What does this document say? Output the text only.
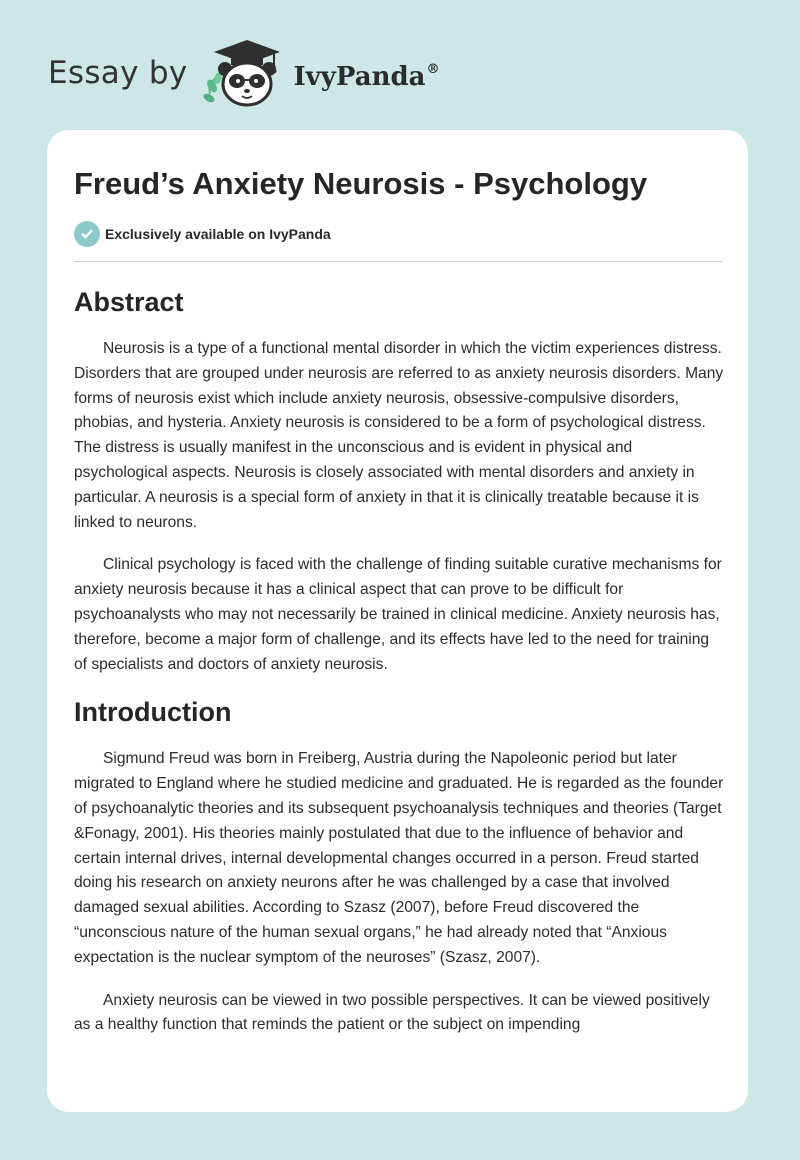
Essay by	IvyPanda®
Freud’s Anxiety Neurosis - Psychology
Exclusively available on IvyPanda
Abstract

Neurosis is a type of a functional mental disorder in which the victim experiences distress. Disorders that are grouped under neurosis are referred to as anxiety neurosis disorders. Many forms of neurosis exist which include anxiety neurosis, obsessive-compulsive disorders, phobias, and hysteria. Anxiety neurosis is considered to be a form of psychological distress. The distress is usually manifest in the unconscious and is evident in physical and psychological aspects. Neurosis is closely associated with mental disorders and anxiety in particular. A neurosis is a special form of anxiety in that it is clinically treatable because it is linked to neurons.

Clinical psychology is faced with the challenge of finding suitable curative mechanisms for anxiety neurosis because it has a clinical aspect that can prove to be difficult for psychoanalysts who may not necessarily be trained in clinical medicine. Anxiety neurosis has, therefore, become a major form of challenge, and its effects have led to the need for training of specialists and doctors of anxiety neurosis.

Introduction

Sigmund Freud was born in Freiberg, Austria during the Napoleonic period but later migrated to England where he studied medicine and graduated. He is regarded as the founder of psychoanalytic theories and its subsequent psychoanalysis techniques and theories (Target &Fonagy, 2001). His theories mainly postulated that due to the influence of behavior and certain internal drives, internal developmental changes occurred in a person. Freud started doing his research on anxiety neurons after he was challenged by a case that involved damaged sexual abilities. According to Szasz (2007), before Freud discovered the “unconscious nature of the human sexual organs,” he had already noted that “Anxious expectation is the nuclear symptom of the neuroses” (Szasz, 2007).

Anxiety neurosis can be viewed in two possible perspectives. It can be viewed positively as a healthy function that reminds the patient or the subject on impending
